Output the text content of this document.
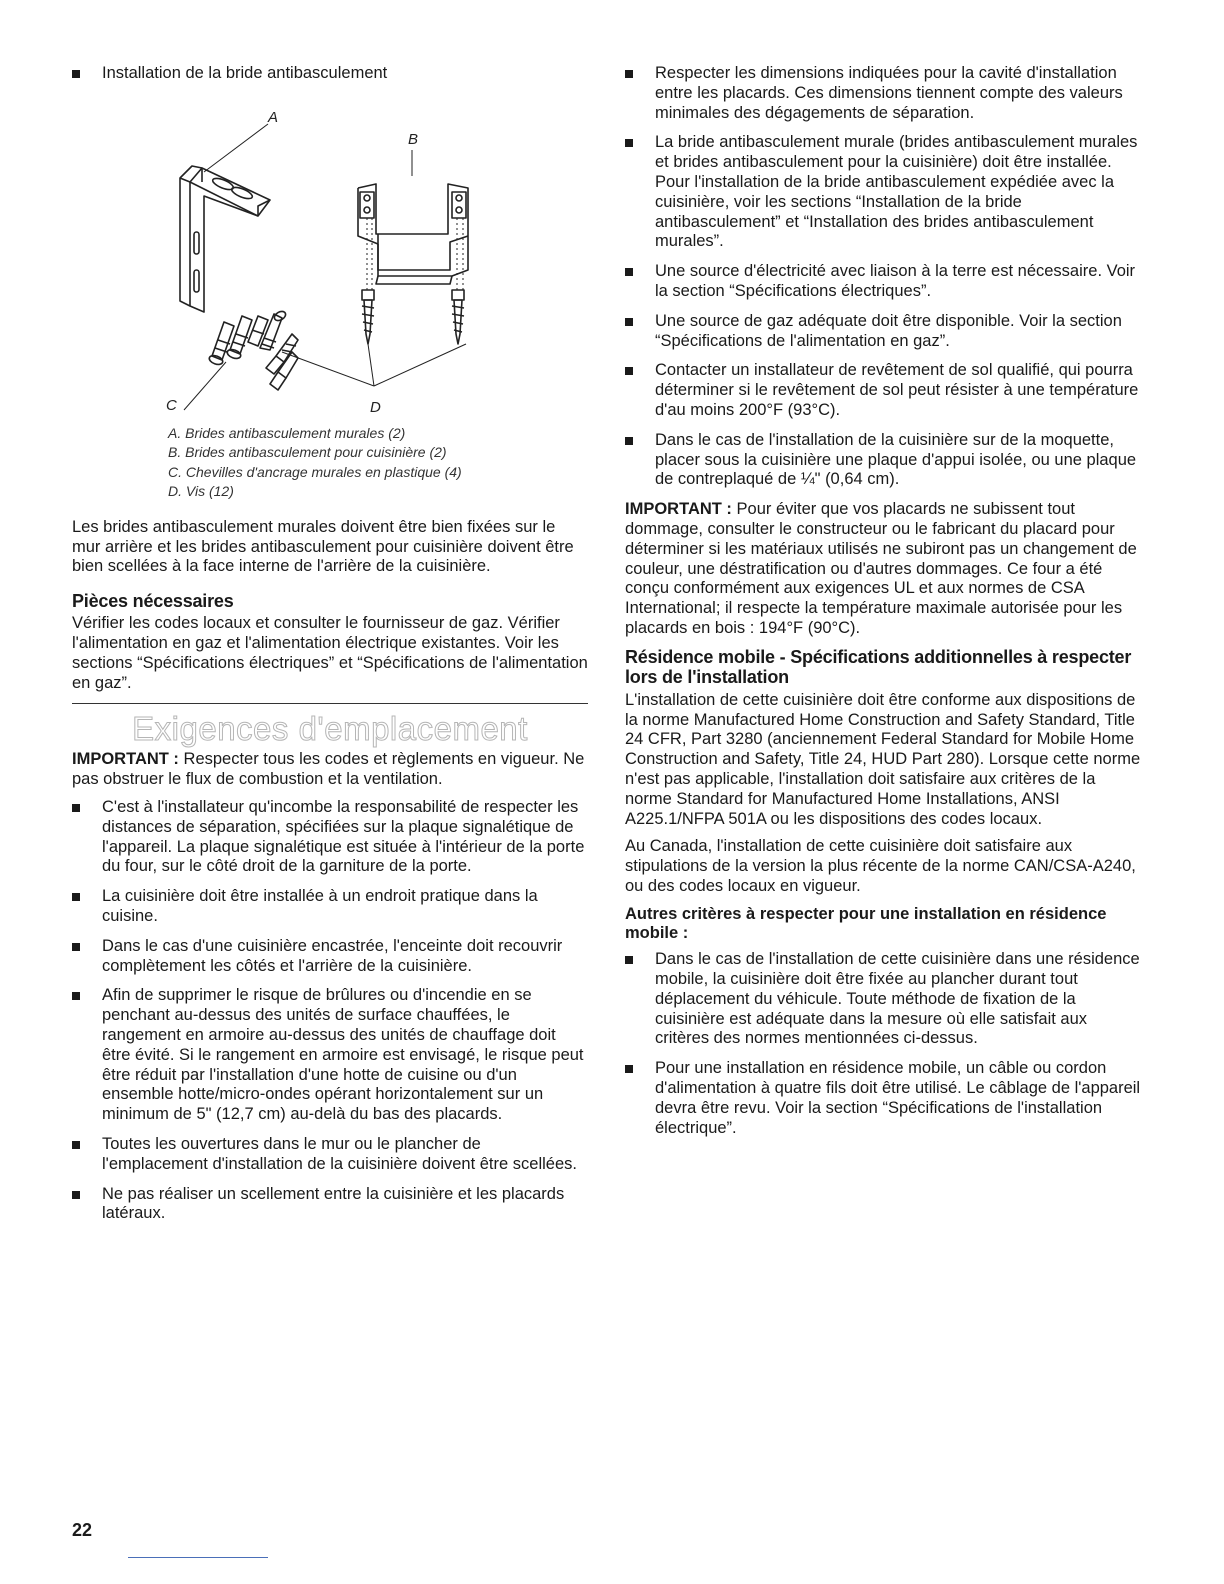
Installation de la bride antibasculement
A
B
C	D
A. Brides antibasculement murales (2)
B. Brides antibasculement pour cuisinière (2)
C. Chevilles d'ancrage murales en plastique (4)
D. Vis (12)

Les brides antibasculement murales doivent être bien fixées sur le mur arrière et les brides antibasculement pour cuisinière doivent être bien scellées à la face interne de l'arrière de la cuisinière.

Pièces nécessaires

Vérifier les codes locaux et consulter le fournisseur de gaz. Vérifier l'alimentation en gaz et l'alimentation électrique existantes. Voir les sections “Spécifications électriques” et “Spécifications de l'alimentation en gaz”.

Exigences d'emplacement

IMPORTANT : Respecter tous les codes et règlements en vigueur. Ne pas obstruer le flux de combustion et la ventilation.

C'est à l'installateur qu'incombe la responsabilité de respecter les distances de séparation, spécifiées sur la plaque signalétique de l'appareil. La plaque signalétique est située à l'intérieur de la porte du four, sur le côté droit de la garniture de la porte.
La cuisinière doit être installée à un endroit pratique dans la cuisine.
Dans le cas d'une cuisinière encastrée, l'enceinte doit recouvrir complètement les côtés et l'arrière de la cuisinière.
Afin de supprimer le risque de brûlures ou d'incendie en se penchant au-dessus des unités de surface chauffées, le rangement en armoire au-dessus des unités de chauffage doit être évité. Si le rangement en armoire est envisagé, le risque peut être réduit par l'installation d'une hotte de cuisine ou d'un ensemble hotte/micro-ondes opérant horizontalement sur un minimum de 5" (12,7 cm) au-delà du bas des placards.
Toutes les ouvertures dans le mur ou le plancher de l'emplacement d'installation de la cuisinière doivent être scellées.
Ne pas réaliser un scellement entre la cuisinière et les placards latéraux.
Respecter les dimensions indiquées pour la cavité d'installation entre les placards. Ces dimensions tiennent compte des valeurs minimales des dégagements de séparation.
La bride antibasculement murale (brides antibasculement murales et brides antibasculement pour la cuisinière) doit être installée. Pour l'installation de la bride antibasculement expédiée avec la cuisinière, voir les sections “Installation de la bride antibasculement” et “Installation des brides antibasculement murales”.
Une source d'électricité avec liaison à la terre est nécessaire. Voir la section “Spécifications électriques”.
Une source de gaz adéquate doit être disponible. Voir la section “Spécifications de l'alimentation en gaz”.
Contacter un installateur de revêtement de sol qualifié, qui pourra déterminer si le revêtement de sol peut résister à une température d'au moins 200°F (93°C).
Dans le cas de l'installation de la cuisinière sur de la moquette, placer sous la cuisinière une plaque d'appui isolée, ou une plaque de contreplaqué de ¼" (0,64 cm).

IMPORTANT : Pour éviter que vos placards ne subissent tout dommage, consulter le constructeur ou le fabricant du placard pour déterminer si les matériaux utilisés ne subiront pas un changement de couleur, une déstratification ou d'autres dommages. Ce four a été conçu conformément aux exigences UL et aux normes de CSA International; il respecte la température maximale autorisée pour les placards en bois : 194°F (90°C).

Résidence mobile - Spécifications additionnelles à respecter lors de l'installation

L'installation de cette cuisinière doit être conforme aux dispositions de la norme Manufactured Home Construction and Safety Standard, Title 24 CFR, Part 3280 (anciennement Federal Standard for Mobile Home Construction and Safety, Title 24, HUD Part 280). Lorsque cette norme n'est pas applicable, l'installation doit satisfaire aux critères de la norme Standard for Manufactured Home Installations, ANSI A225.1/NFPA 501A ou les dispositions des codes locaux.

Au Canada, l'installation de cette cuisinière doit satisfaire aux stipulations de la version la plus récente de la norme CAN/CSA-A240, ou des codes locaux en vigueur.

Autres critères à respecter pour une installation en résidence mobile :
Dans le cas de l'installation de cette cuisinière dans une résidence mobile, la cuisinière doit être fixée au plancher durant tout déplacement du véhicule. Toute méthode de fixation de la cuisinière est adéquate dans la mesure où elle satisfait aux critères des normes mentionnées ci-dessus.
Pour une installation en résidence mobile, un câble ou cordon d'alimentation à quatre fils doit être utilisé. Le câblage de l'appareil devra être revu. Voir la section “Spécifications de l'installation électrique”.
22
